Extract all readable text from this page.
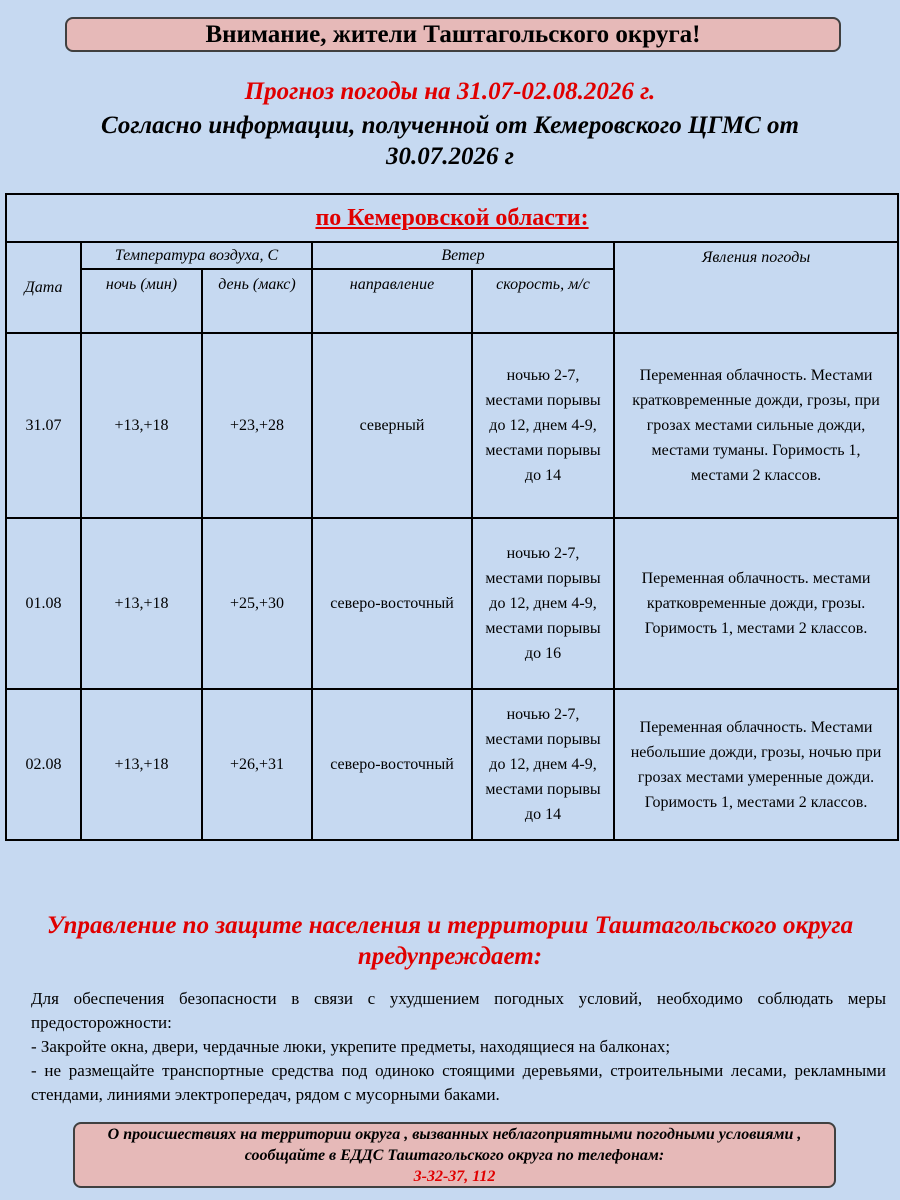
Внимание, жители Таштагольского округа!
Прогноз погоды на 31.07-02.08.2026 г.
Согласно информации, полученной от Кемеровского ЦГМС от 30.07.2026 г
по Кемеровской области:					
Дата	Температура воздуха, С		Ветер		Явления погоды
	ночь (мин)	день (макс)	направление	скорость, м/с	
31.07	+13,+18	+23,+28	северный	ночью 2-7, местами порывы до 12, днем 4-9, местами порывы до 14	Переменная облачность. Местами кратковременные дожди, грозы, при грозах местами сильные дожди, местами туманы. Горимость 1, местами 2 классов.
01.08	+13,+18	+25,+30	северо-восточный	ночью 2-7, местами порывы до 12, днем 4-9, местами порывы до 16	Переменная облачность. местами кратковременные дожди, грозы. Горимость 1, местами 2 классов.
02.08	+13,+18	+26,+31	северо-восточный	ночью 2-7, местами порывы до 12, днем 4-9, местами порывы до 14	Переменная облачность. Местами небольшие дожди, грозы, ночью при грозах местами умеренные дожди. Горимость 1, местами 2 классов.
Управление по защите населения и территории Таштагольского округа предупреждает:

Для обеспечения безопасности в связи с ухудшением погодных условий, необходимо соблюдать меры предосторожности:

- Закройте окна, двери, чердачные люки, укрепите предметы, находящиеся на балконах;

- не размещайте транспортные средства под одиноко стоящими деревьями, строительными лесами, рекламными стендами, линиями электропередач, рядом с мусорными баками.

О происшествиях на территории округа , вызванных неблагоприятными погодными условиями , сообщайте в ЕДДС Таштагольского округа по телефонам:
3-32-37, 112
